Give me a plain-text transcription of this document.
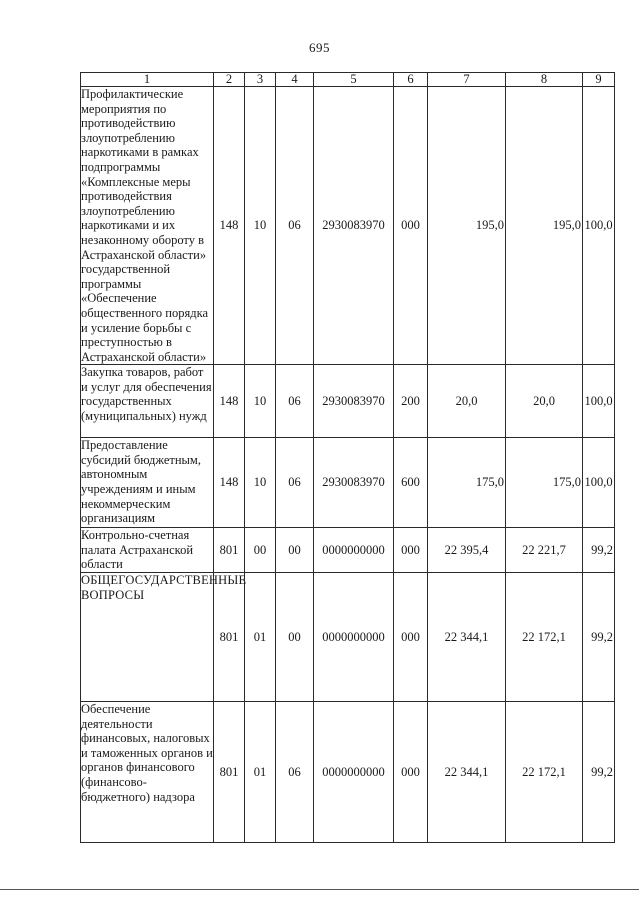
695
1	2	3	4	5	6	7	8	9
Профилактические мероприятия по противодействию злоупотреблению наркотиками в рамках подпрограммы «Комплексные меры противодействия злоупотреблению наркотиками и их незаконному обороту в Астраханской области» государственной программы «Обеспечение общественного порядка и усиление борьбы с преступностью в Астраханской области»	148	10	06	2930083970	000	195,0	195,0	100,0
Закупка товаров, работ и услуг для обеспечения государственных (муниципальных) нужд	148	10	06	2930083970	200	20,0	20,0	100,0
Предоставление субсидий бюджетным, автономным учреждениям и иным некоммерческим организациям	148	10	06	2930083970	600	175,0	175,0	100,0
Контрольно-счетная палата Астраханской области	801	00	00	0000000000	000	22 395,4	22 221,7	99,2
ОБЩЕГОСУДАРСТВЕННЫЕ ВОПРОСЫ	801	01	00	0000000000	000	22 344,1	22 172,1	99,2
Обеспечение деятельности финансовых, налоговых и таможенных органов и органов финансового (финансово-бюджетного) надзора	801	01	06	0000000000	000	22 344,1	22 172,1	99,2
